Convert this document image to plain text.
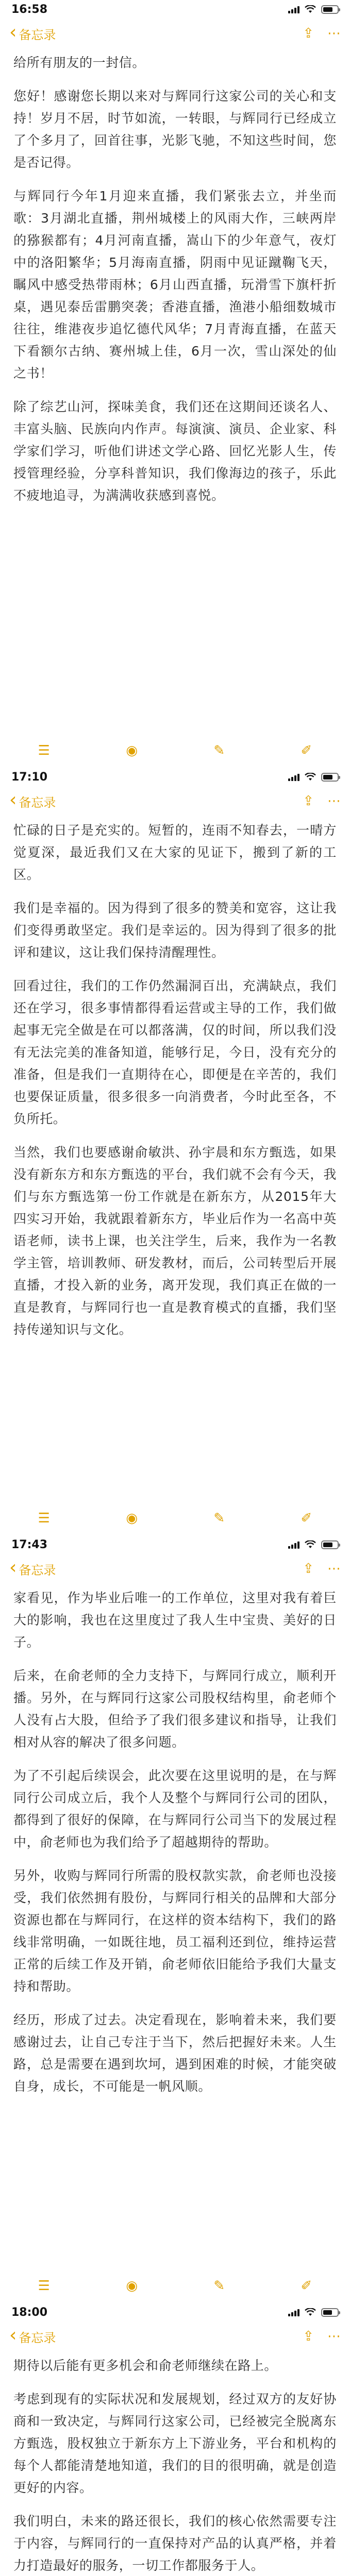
16:58
‹ 备忘录	⇪ ⋯

给所有朋友的一封信。

您好！感谢您长期以来对与辉同行这家公司的关心和支持！岁月不居，时节如流，一转眼，与辉同行已经成立了个多月了，回首往事，光影飞驰，不知这些时间，您是否记得。

与辉同行今年1月迎来直播，我们紧张去立，并坐而歌：3月湖北直播，荆州城楼上的风雨大作，三峡两岸的猕猴都有；4月河南直播，嵩山下的少年意气，夜灯中的洛阳繁华；5月海南直播，阴雨中见证蹴鞠飞天，瞩风中感受热带雨林；6月山西直播，玩滑雪下旗杆折桌，遇见泰岳雷鹏突袭；香港直播，渔港小船细数城市往往，维港夜步追忆德代风华；7月青海直播，在蓝天下看额尔古纳、赛州城上佳，6月一次，雪山深处的仙之书！

除了综艺山河，探味美食，我们还在这期间还谈名人、丰富头脑、民族向内作声。每演演、演员、企业家、科学家们学习，听他们讲述文学心路、回忆光影人生，传授管理经验，分享科普知识，我们像海边的孩子，乐此不疲地追寻，为满满收获感到喜悦。

☰	◉	✎	✐
17:10
‹ 备忘录	⇪ ⋯

忙碌的日子是充实的。短暂的，连雨不知春去，一晴方觉夏深，最近我们又在大家的见证下，搬到了新的工区。

我们是幸福的。因为得到了很多的赞美和宽容，这让我们变得勇敢坚定。我们是幸运的。因为得到了很多的批评和建议，这让我们保持清醒理性。

回看过往，我们的工作仍然漏洞百出，充满缺点，我们还在学习，很多事情都得看运营或主导的工作，我们做起事无完全做是在可以都落满，仅的时间，所以我们没有无法完美的准备知道，能够行足，今日，没有充分的准备，但是我们一直期待在心，即便是在辛苦的，我们也要保证质量，很多很多一向消费者，今时此至各，不负所托。

当然，我们也要感谢俞敏洪、孙宇晨和东方甄选，如果没有新东方和东方甄选的平台，我们就不会有今天，我们与东方甄选第一份工作就是在新东方，从2015年大四实习开始，我就跟着新东方，毕业后作为一名高中英语老师，读书上课，也关注学生，后来，我作为一名教学主管，培训教师、研发教材，而后，公司转型后开展直播，才投入新的业务，离开发现，我们真正在做的一直是教育，与辉同行也一直是教育模式的直播，我们坚持传递知识与文化。

☰	◉	✎	✐
17:43
‹ 备忘录	⇪ ⋯

家看见，作为毕业后唯一的工作单位，这里对我有着巨大的影响，我也在这里度过了我人生中宝贵、美好的日子。

后来，在俞老师的全力支持下，与辉同行成立，顺利开播。另外，在与辉同行这家公司股权结构里，俞老师个人没有占大股，但给予了我们很多建议和指导，让我们相对从容的解决了很多问题。

为了不引起后续误会，此次要在这里说明的是，在与辉同行公司成立后，我个人及整个与辉同行公司的团队，都得到了很好的保障，在与辉同行公司当下的发展过程中，俞老师也为我们给予了超越期待的帮助。

另外，收购与辉同行所需的股权款实款，俞老师也没接受，我们依然拥有股份，与辉同行相关的品牌和大部分资源也都在与辉同行，在这样的资本结构下，我们的路线非常明确，一如既往地，员工福利还到位，维持运营正常的后续工作及开销，俞老师依旧能给予我们大量支持和帮助。

经历，形成了过去。决定看现在，影响着未来，我们要感谢过去，让自己专注于当下，然后把握好未来。人生路，总是需要在遇到坎坷，遇到困难的时候，才能突破自身，成长，不可能是一帆风顺。

☰	◉	✎	✐
18:00
‹ 备忘录	⇪ ⋯

期待以后能有更多机会和俞老师继续在路上。

考虑到现有的实际状况和发展规划，经过双方的友好协商和一致决定，与辉同行这家公司，已经被完全脱离东方甄选，股权独立于新东方上下游业务，平台和机构的每个人都能清楚地知道，我们的目的很明确，就是创造更好的内容。

我们明白，未来的路还很长，我们的核心依然需要专注于内容，与辉同行的一直保持对产品的认真严格，并着力打造最好的服务，一切工作都服务于人。
